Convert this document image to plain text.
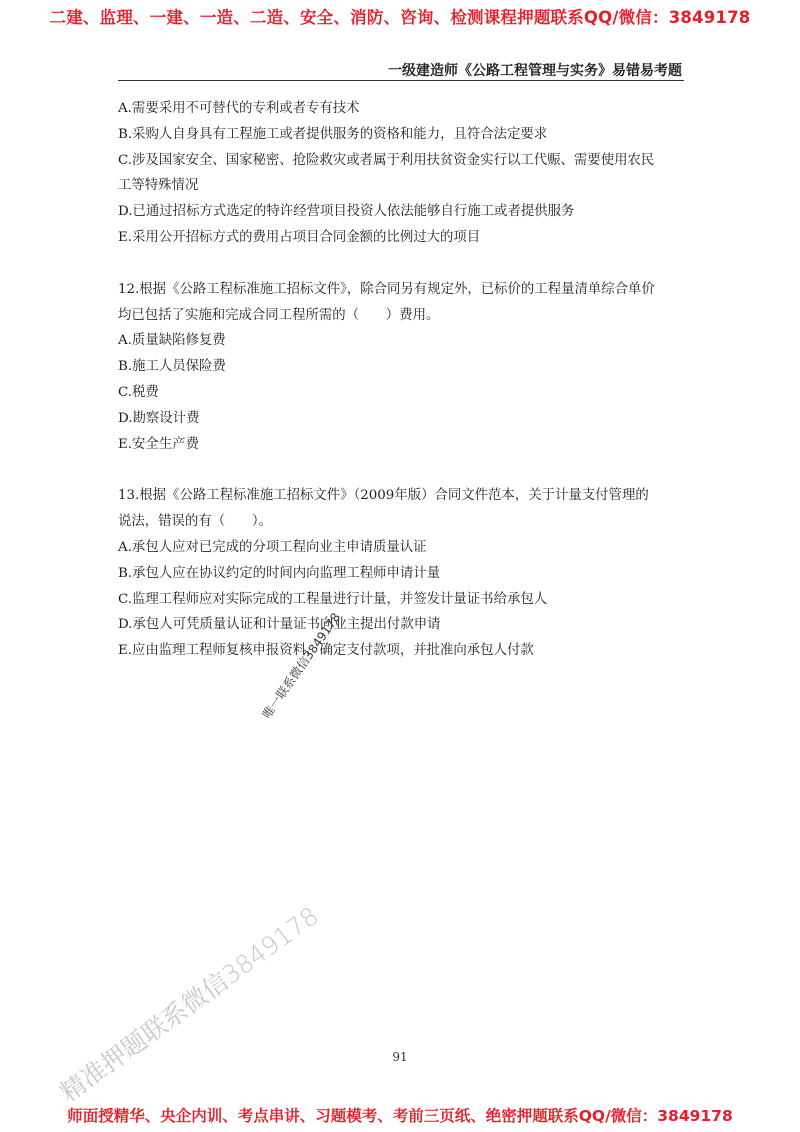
二建、监理、一建、一造、二造、安全、消防、咨询、检测课程押题联系QQ/微信：3849178
一级建造师《公路工程管理与实务》易错易考题

A.需要采用不可替代的专利或者专有技术

B.采购人自身具有工程施工或者提供服务的资格和能力，且符合法定要求

C.涉及国家安全、国家秘密、抢险救灾或者属于利用扶贫资金实行以工代赈、需要使用农民

工等特殊情况

D.已通过招标方式选定的特许经营项目投资人依法能够自行施工或者提供服务

E.采用公开招标方式的费用占项目合同金额的比例过大的项目

12.根据《公路工程标准施工招标文件》，除合同另有规定外，已标价的工程量清单综合单价

均已包括了实施和完成合同工程所需的（　　）费用。

A.质量缺陷修复费

B.施工人员保险费

C.税费

D.勘察设计费

E.安全生产费

13.根据《公路工程标准施工招标文件》（2009年版）合同文件范本，关于计量支付管理的

说法，错误的有（　　）。

A.承包人应对已完成的分项工程向业主申请质量认证

B.承包人应在协议约定的时间内向监理工程师申请计量

C.监理工程师应对实际完成的工程量进行计量，并签发计量证书给承包人

D.承包人可凭质量认证和计量证书向业主提出付款申请

E.应由监理工程师复核申报资料，确定支付款项，并批准向承包人付款

唯一联系微信3849178
精准押题联系微信3849178	91
师面授精华、央企内训、考点串讲、习题模考、考前三页纸、绝密押题联系QQ/微信：3849178
